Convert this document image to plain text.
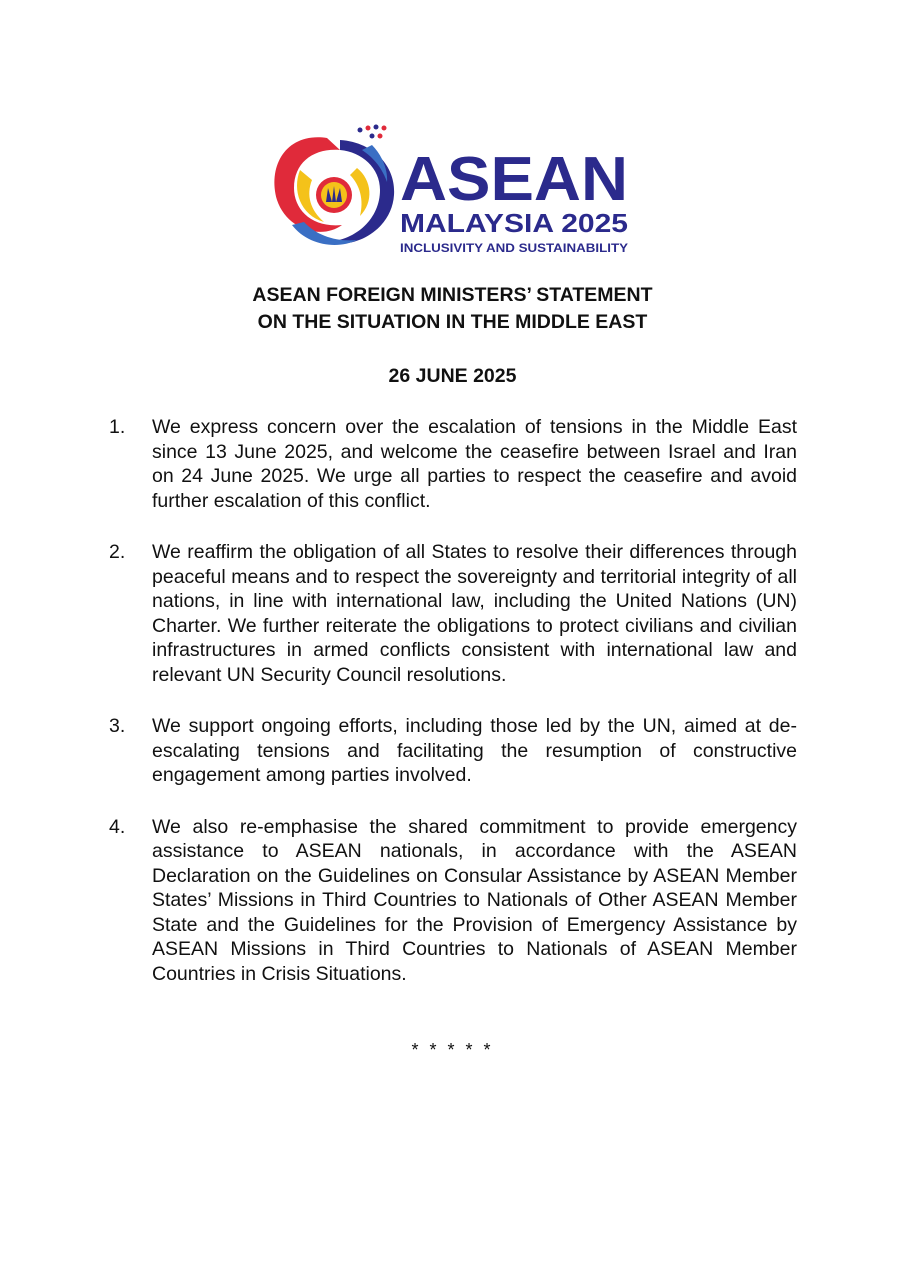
ASEAN
MALAYSIA 2025
INCLUSIVITY AND SUSTAINABILITY
ASEAN FOREIGN MINISTERS’ STATEMENT
ON THE SITUATION IN THE MIDDLE EAST
26 JUNE 2025
1.	We express concern over the escalation of tensions in the Middle East since 13 June 2025, and welcome the ceasefire between Israel and Iran on 24 June 2025. We urge all parties to respect the ceasefire and avoid further escalation of this conflict.
2.	We reaffirm the obligation of all States to resolve their differences through peaceful means and to respect the sovereignty and territorial integrity of all nations, in line with international law, including the United Nations (UN) Charter. We further reiterate the obligations to protect civilians and civilian infrastructures in armed conflicts consistent with international law and relevant UN Security Council resolutions.
3.	We support ongoing efforts, including those led by the UN, aimed at de-escalating tensions and facilitating the resumption of constructive engagement among parties involved.
4.	We also re-emphasise the shared commitment to provide emergency assistance to ASEAN nationals, in accordance with the ASEAN Declaration on the Guidelines on Consular Assistance by ASEAN Member States’ Missions in Third Countries to Nationals of Other ASEAN Member State and the Guidelines for the Provision of Emergency Assistance by ASEAN Missions in Third Countries to Nationals of ASEAN Member Countries in Crisis Situations.
* * * * *
